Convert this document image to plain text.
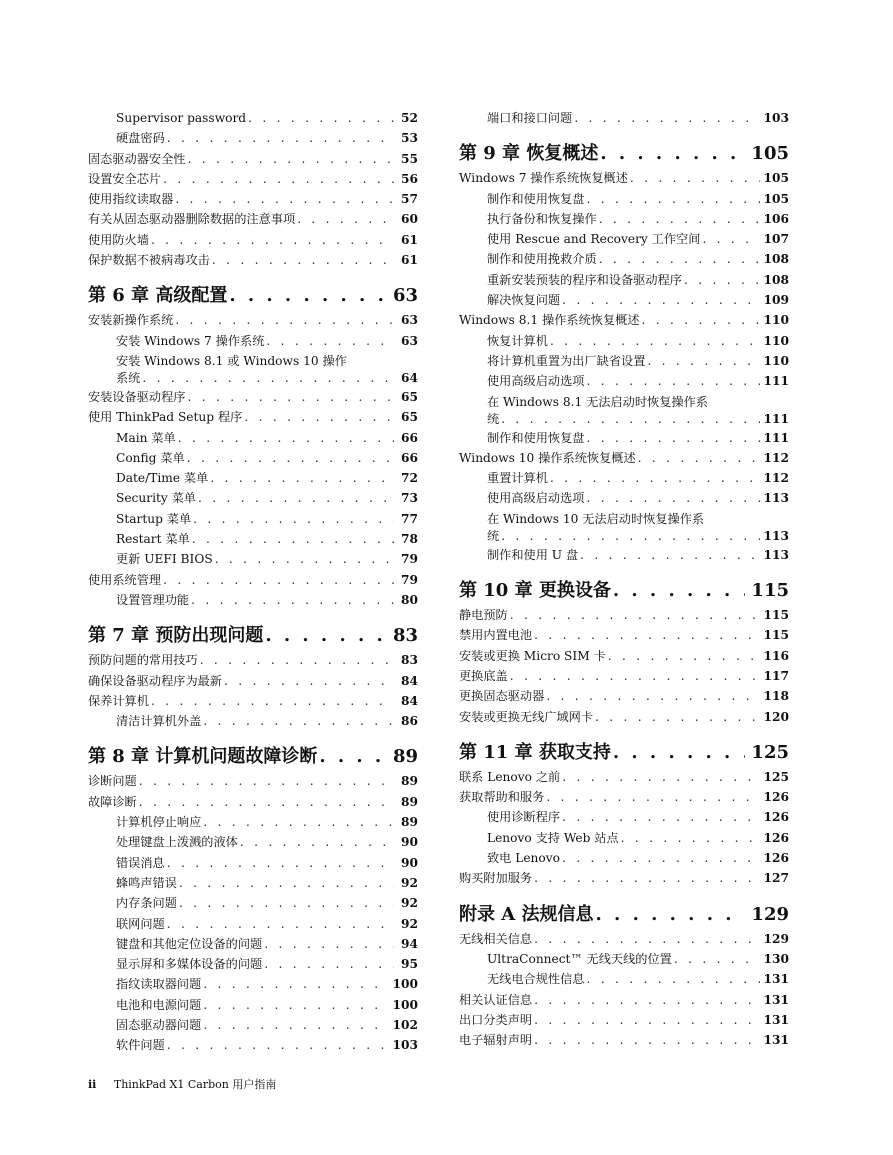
Supervisor password . . .	52
硬盘密码 . . .	53
固态驱动器安全性 . . .	55
设置安全芯片 . . .	56
使用指纹读取器 . . .	57
有关从固态驱动器删除数据的注意事项 . . .	60
使用防火墙 . . .	61
保护数据不被病毒攻击 . . .	61
第 6 章 高级配置 . . .	63
安装新操作系统 . . .	63
安装 Windows 7 操作系统 . . .	63
安装 Windows 8.1 或 Windows 10 操作
系统 . . .	64
安装设备驱动程序 . . .	65
使用 ThinkPad Setup 程序 . . .	65
Main 菜单 . . .	66
Config 菜单 . . .	66
Date/Time 菜单 . . .	72
Security 菜单 . . .	73
Startup 菜单 . . .	77
Restart 菜单 . . .	78
更新 UEFI BIOS . . .	79
使用系统管理 . . .	79
设置管理功能 . . .	80
第 7 章 预防出现问题 . . .	83
预防问题的常用技巧 . . .	83
确保设备驱动程序为最新 . . .	84
保养计算机 . . .	84
清洁计算机外盖 . . .	86
第 8 章 计算机问题故障诊断 . . .	89
诊断问题 . . .	89
故障诊断 . . .	89
计算机停止响应 . . .	89
处理键盘上泼溅的液体 . . .	90
错误消息 . . .	90
蜂鸣声错误 . . .	92
内存条问题 . . .	92
联网问题 . . .	92
键盘和其他定位设备的问题 . . .	94
显示屏和多媒体设备的问题 . . .	95
指纹读取器问题 . . .	100
电池和电源问题 . . .	100
固态驱动器问题 . . .	102
软件问题 . . .	103
端口和接口问题 . . .	103
第 9 章 恢复概述 . . .	105
Windows 7 操作系统恢复概述 . . .	105
制作和使用恢复盘 . . .	105
执行备份和恢复操作 . . .	106
使用 Rescue and Recovery 工作空间 . . .	107
制作和使用挽救介质 . . .	108
重新安装预装的程序和设备驱动程序 . . .	108
解决恢复问题 . . .	109
Windows 8.1 操作系统恢复概述 . . .	110
恢复计算机 . . .	110
将计算机重置为出厂缺省设置 . . .	110
使用高级启动选项 . . .	111
在 Windows 8.1 无法启动时恢复操作系
统 . . .	111
制作和使用恢复盘 . . .	111
Windows 10 操作系统恢复概述 . . .	112
重置计算机 . . .	112
使用高级启动选项 . . .	113
在 Windows 10 无法启动时恢复操作系
统 . . .	113
制作和使用 U 盘 . . .	113
第 10 章 更换设备 . . .	115
静电预防 . . .	115
禁用内置电池 . . .	115
安装或更换 Micro SIM 卡 . . .	116
更换底盖 . . .	117
更换固态驱动器 . . .	118
安装或更换无线广域网卡 . . .	120
第 11 章 获取支持 . . .	125
联系 Lenovo 之前 . . .	125
获取帮助和服务 . . .	126
使用诊断程序 . . .	126
Lenovo 支持 Web 站点 . . .	126
致电 Lenovo . . .	126
购买附加服务 . . .	127
附录 A 法规信息 . . .	129
无线相关信息 . . .	129
UltraConnect™ 无线天线的位置 . . .	130
无线电合规性信息 . . .	131
相关认证信息 . . .	131
出口分类声明 . . .	131
电子辐射声明 . . .	131
ii ThinkPad X1 Carbon 用户指南
